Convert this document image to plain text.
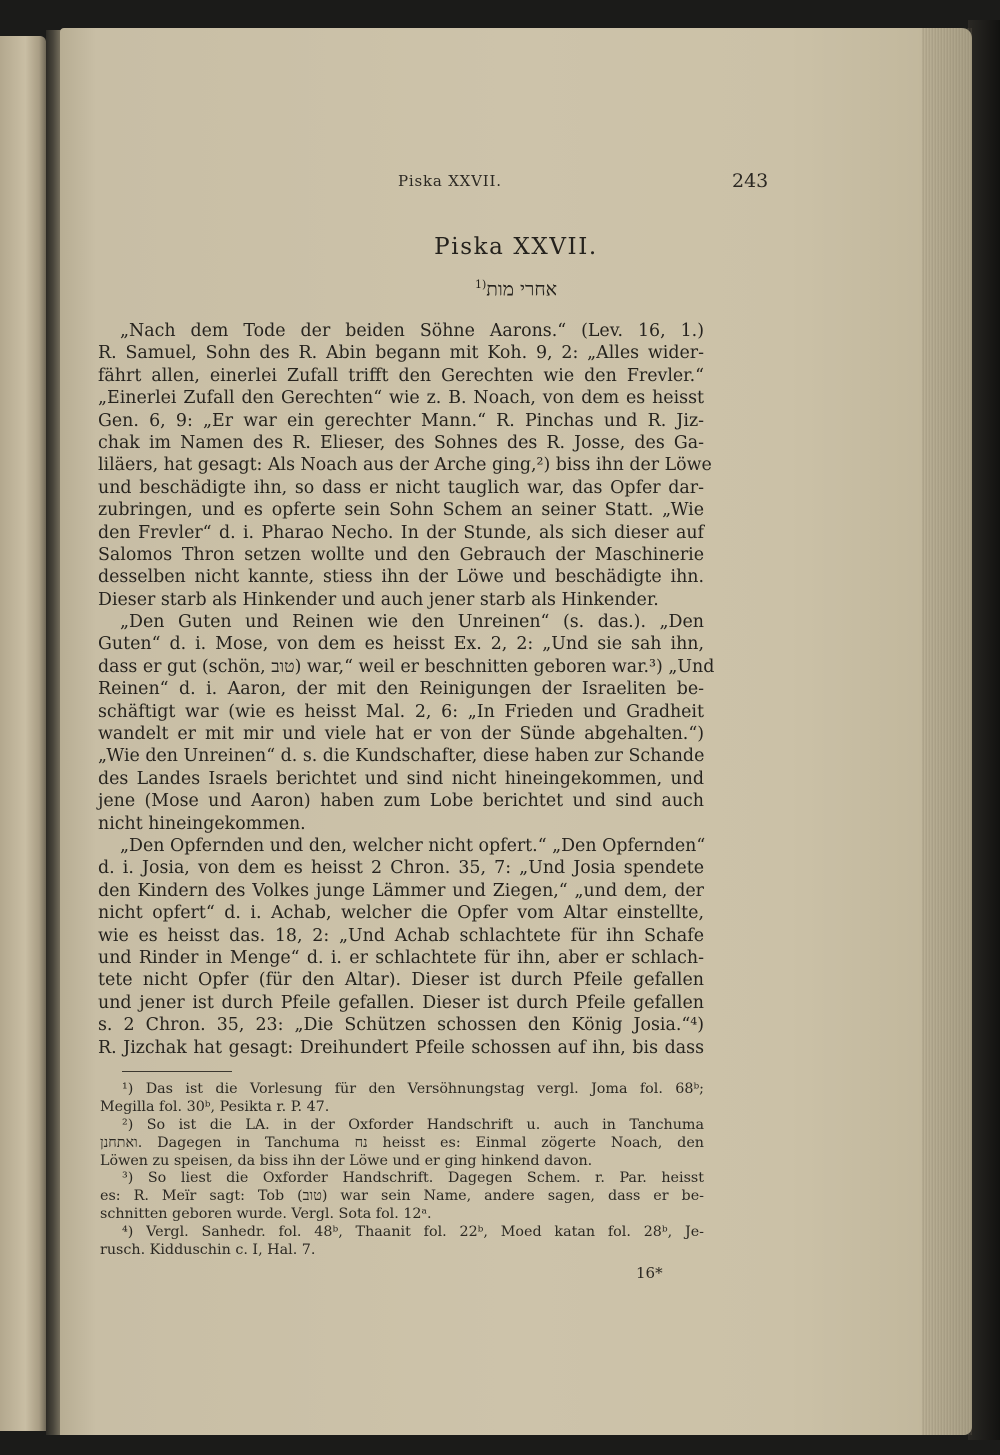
Piska XXVII.	243
Piska XXVII.
$^{1)}$אחרי מות
„Nach dem Tode der beiden Söhne Aarons.“ (Lev. 16, 1.)
R. Samuel, Sohn des R. Abin begann mit Koh. 9, 2: „Alles wider-
fährt allen, einerlei Zufall trifft den Gerechten wie den Frevler.“
„Einerlei Zufall den Gerechten“ wie z. B. Noach, von dem es heisst
Gen. 6, 9: „Er war ein gerechter Mann.“ R. Pinchas und R. Jiz-
chak im Namen des R. Elieser, des Sohnes des R. Josse, des Ga-
liläers, hat gesagt: Als Noach aus der Arche ging,²) biss ihn der Löwe
und beschädigte ihn, so dass er nicht tauglich war, das Opfer dar-
zubringen, und es opferte sein Sohn Schem an seiner Statt. „Wie
den Frevler“ d. i. Pharao Necho. In der Stunde, als sich dieser auf
Salomos Thron setzen wollte und den Gebrauch der Maschinerie
desselben nicht kannte, stiess ihn der Löwe und beschädigte ihn.
Dieser starb als Hinkender und auch jener starb als Hinkender.
„Den Guten und Reinen wie den Unreinen“ (s. das.). „Den
Guten“ d. i. Mose, von dem es heisst Ex. 2, 2: „Und sie sah ihn,
dass er gut (schön, טוב) war,“ weil er beschnitten geboren war.³) „Und
Reinen“ d. i. Aaron, der mit den Reinigungen der Israeliten be-
schäftigt war (wie es heisst Mal. 2, 6: „In Frieden und Gradheit
wandelt er mit mir und viele hat er von der Sünde abgehalten.“)
„Wie den Unreinen“ d. s. die Kundschafter, diese haben zur Schande
des Landes Israels berichtet und sind nicht hineingekommen, und
jene (Mose und Aaron) haben zum Lobe berichtet und sind auch
nicht hineingekommen.
„Den Opfernden und den, welcher nicht opfert.“ „Den Opfernden“
d. i. Josia, von dem es heisst 2 Chron. 35, 7: „Und Josia spendete
den Kindern des Volkes junge Lämmer und Ziegen,“ „und dem, der
nicht opfert“ d. i. Achab, welcher die Opfer vom Altar einstellte,
wie es heisst das. 18, 2: „Und Achab schlachtete für ihn Schafe
und Rinder in Menge“ d. i. er schlachtete für ihn, aber er schlach-
tete nicht Opfer (für den Altar). Dieser ist durch Pfeile gefallen
und jener ist durch Pfeile gefallen. Dieser ist durch Pfeile gefallen
s. 2 Chron. 35, 23: „Die Schützen schossen den König Josia.“⁴)
R. Jizchak hat gesagt: Dreihundert Pfeile schossen auf ihn, bis dass
¹) Das ist die Vorlesung für den Versöhnungstag vergl. Joma fol. 68ᵇ;
Megilla fol. 30ᵇ, Pesikta r. P. 47.
²) So ist die LA. in der Oxforder Handschrift u. auch in Tanchuma
ואתחנן. Dagegen in Tanchuma נח heisst es: Einmal zögerte Noach, den
Löwen zu speisen, da biss ihn der Löwe und er ging hinkend davon.
³) So liest die Oxforder Handschrift. Dagegen Schem. r. Par. heisst
es: R. Meïr sagt: Tob (טוב) war sein Name, andere sagen, dass er be-
schnitten geboren wurde. Vergl. Sota fol. 12ᵃ.
⁴) Vergl. Sanhedr. fol. 48ᵇ, Thaanit fol. 22ᵇ, Moed katan fol. 28ᵇ, Je-
rusch. Kidduschin c. I, Hal. 7.
16*
